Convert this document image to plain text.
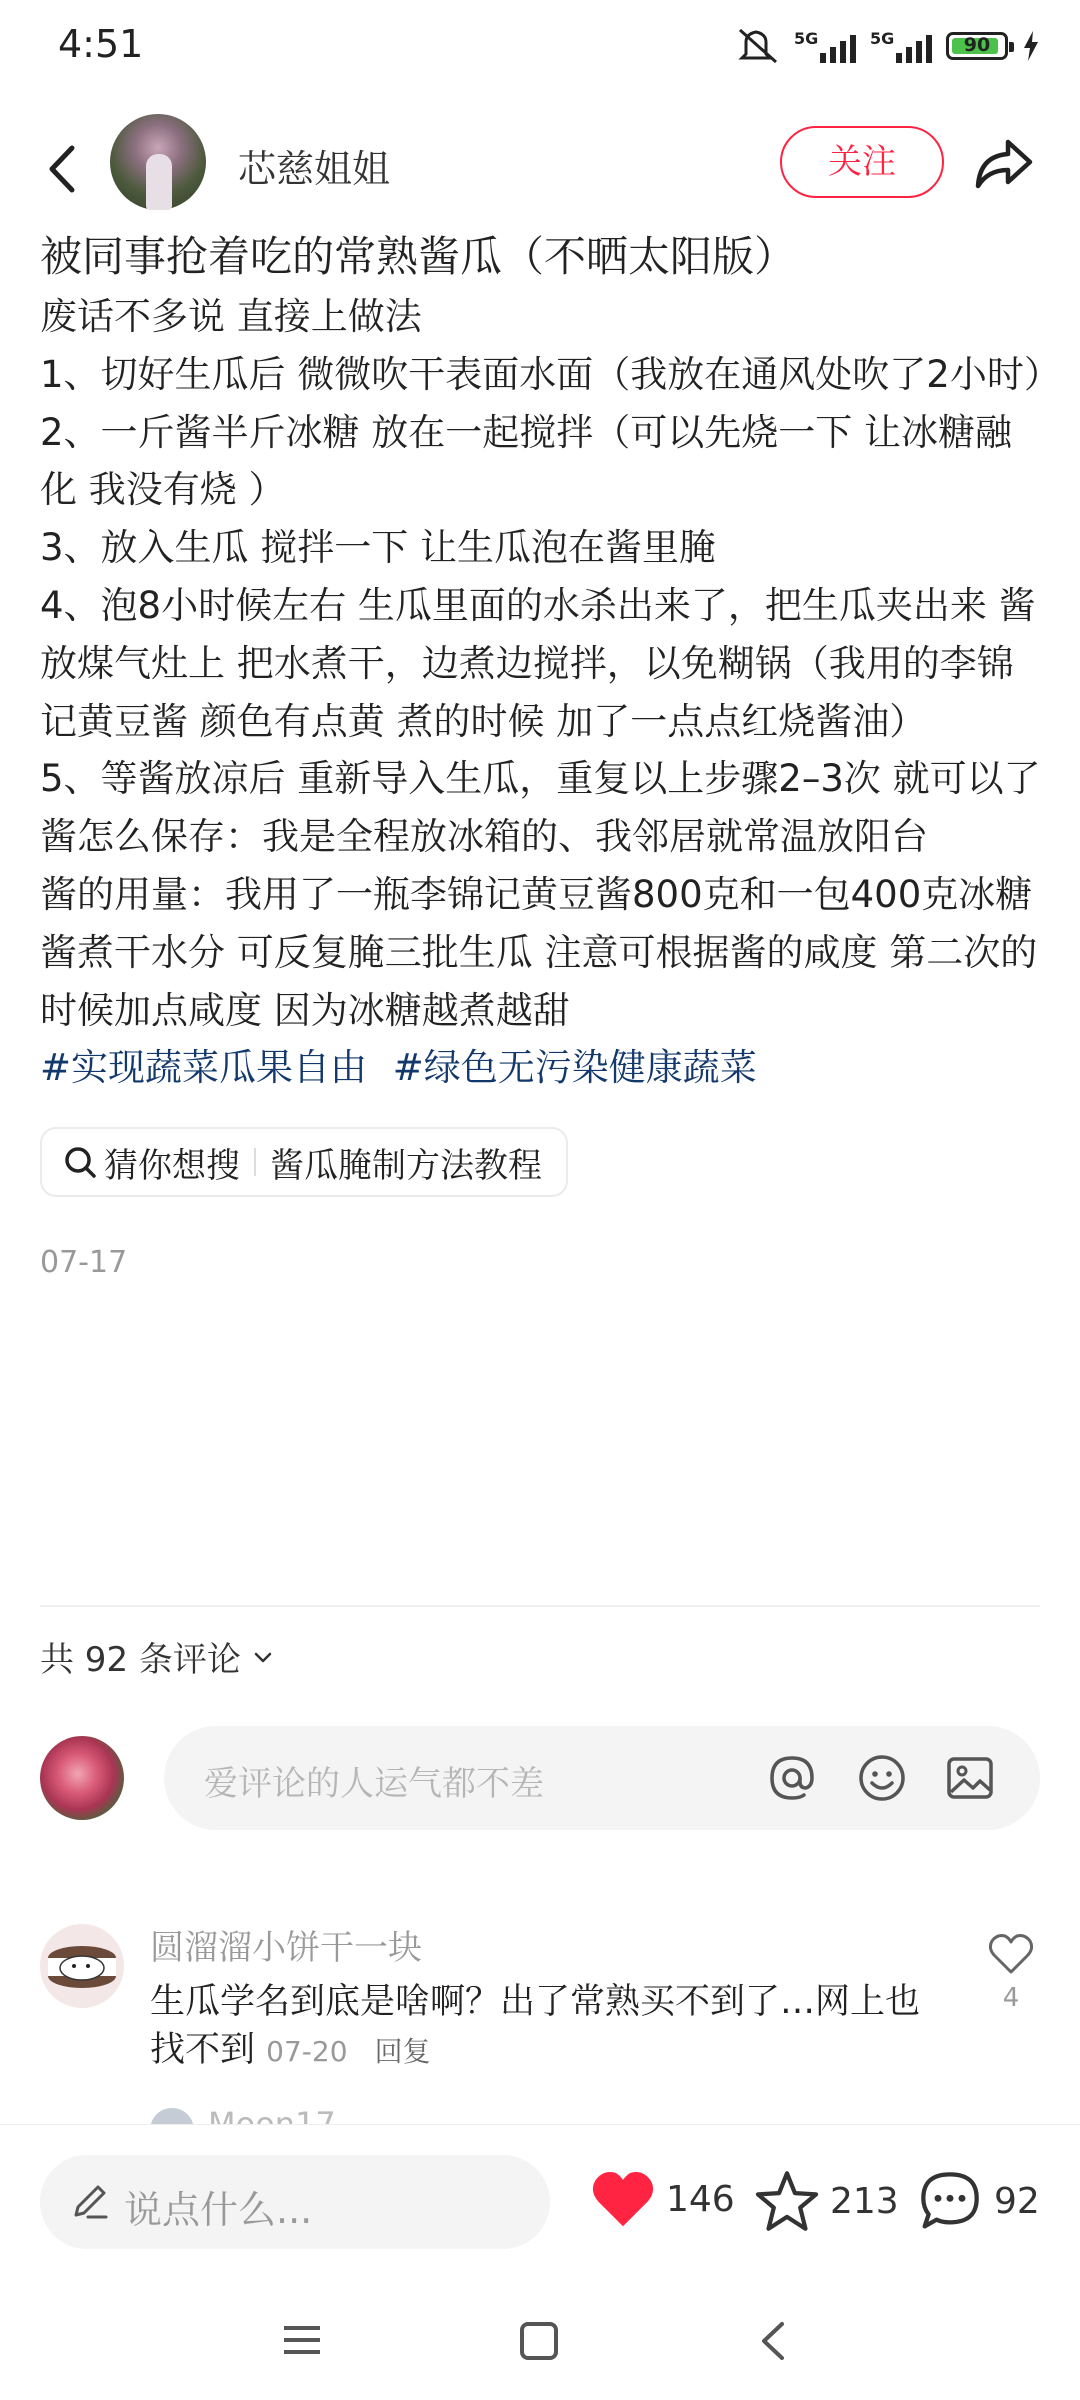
4:51	5G	5G	90
芯慈姐姐	关注
被同事抢着吃的常熟酱瓜（不晒太阳版）

废话不多说 直接上做法

1、切好生瓜后 微微吹干表面水面（我放在通风处吹了2小时）

2、一斤酱半斤冰糖 放在一起搅拌（可以先烧一下 让冰糖融化 我没有烧 ）

3、放入生瓜 搅拌一下 让生瓜泡在酱里腌

4、泡8小时候左右 生瓜里面的水杀出来了，把生瓜夹出来 酱放煤气灶上 把水煮干，边煮边搅拌，以免糊锅（我用的李锦记黄豆酱 颜色有点黄 煮的时候 加了一点点红烧酱油）

5、等酱放凉后 重新导入生瓜，重复以上步骤2–3次 就可以了

酱怎么保存：我是全程放冰箱的、我邻居就常温放阳台

酱的用量：我用了一瓶李锦记黄豆酱800克和一包400克冰糖

酱煮干水分 可反复腌三批生瓜 注意可根据酱的咸度 第二次的时候加点咸度 因为冰糖越煮越甜

#实现蔬菜瓜果自由 #绿色无污染健康蔬菜
猜你想搜 酱瓜腌制方法教程
07-17
共 92 条评论
爱评论的人运气都不差
圆溜溜小饼干一块
生瓜学名到底是啥啊？出了常熟买不到了…网上也找不到 07-20 回复
4
说点什么...	146	213	92
